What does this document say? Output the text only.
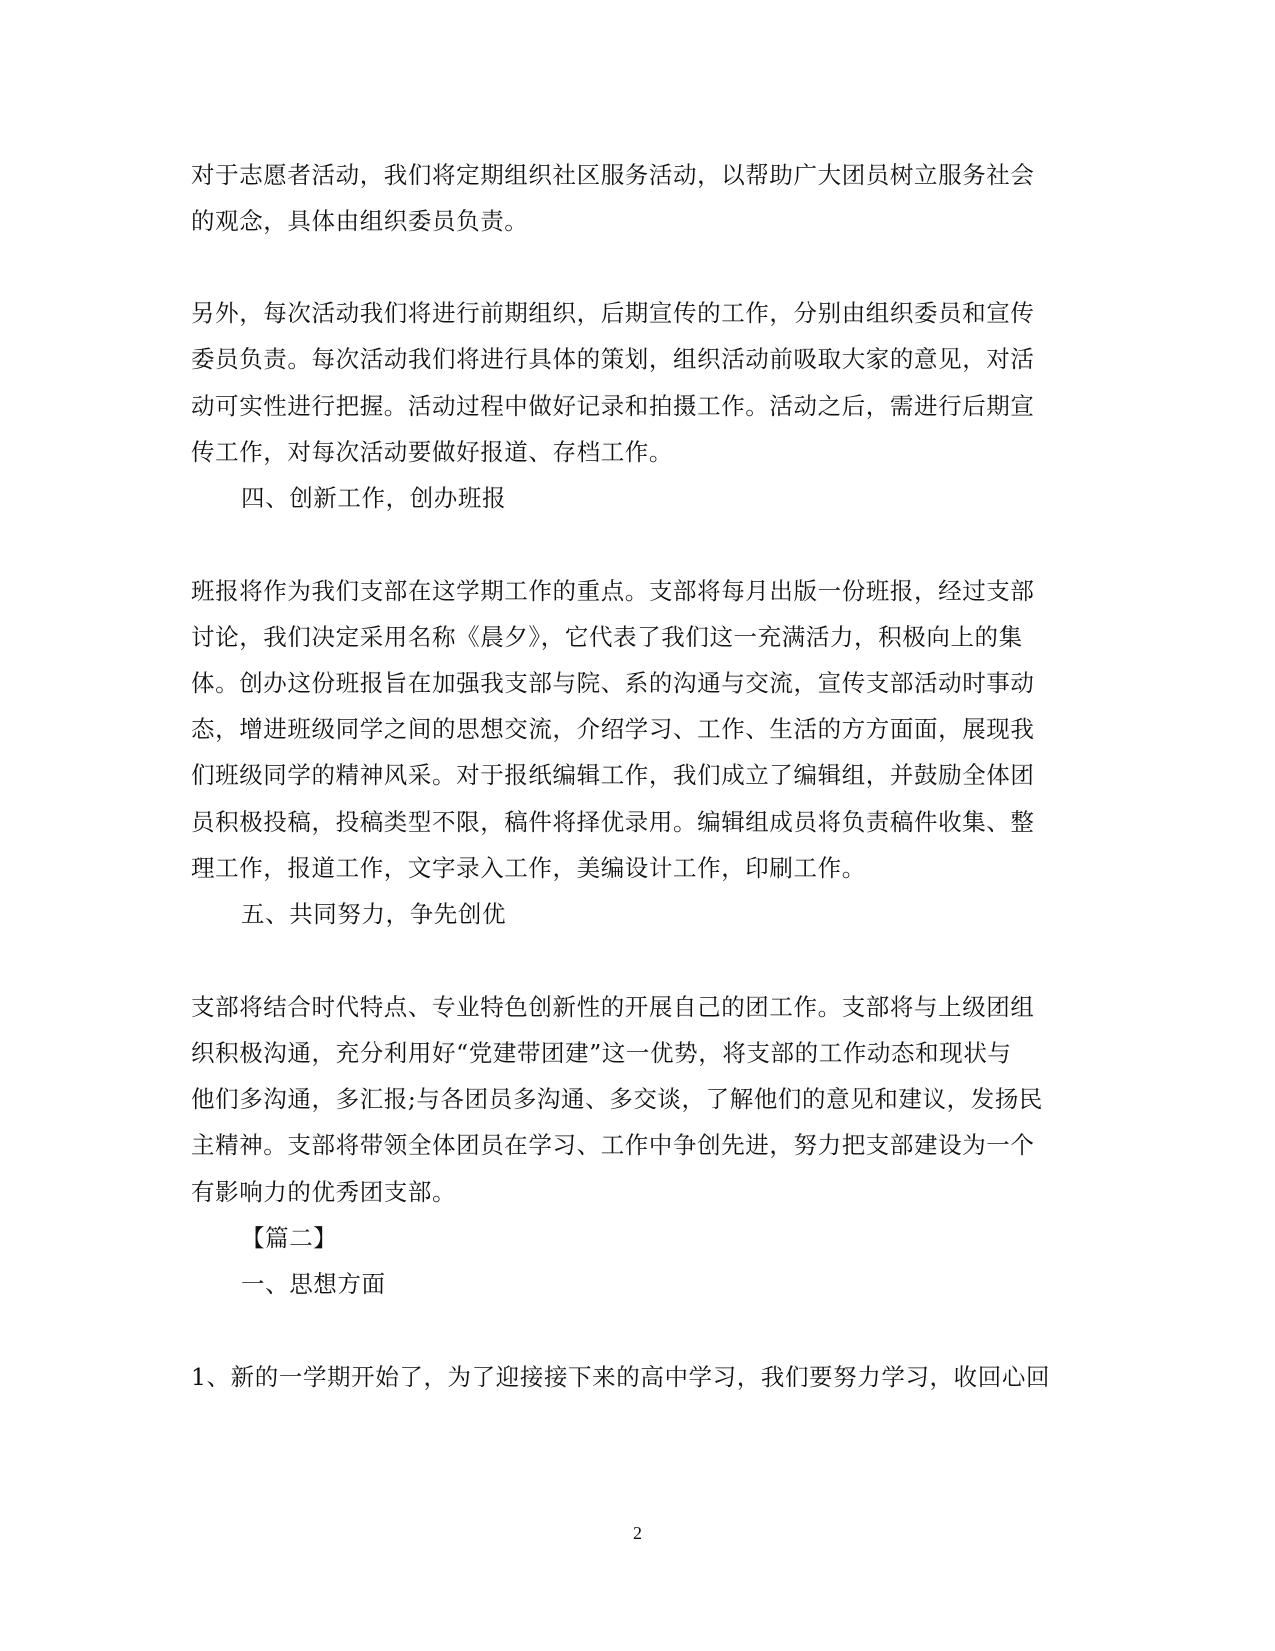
对于志愿者活动，我们将定期组织社区服务活动，以帮助广大团员树立服务社会
的观念，具体由组织委员负责。
另外，每次活动我们将进行前期组织，后期宣传的工作，分别由组织委员和宣传
委员负责。每次活动我们将进行具体的策划，组织活动前吸取大家的意见，对活
动可实性进行把握。活动过程中做好记录和拍摄工作。活动之后，需进行后期宣
传工作，对每次活动要做好报道、存档工作。
四、创新工作，创办班报
班报将作为我们支部在这学期工作的重点。支部将每月出版一份班报，经过支部
讨论，我们决定采用名称《晨夕》，它代表了我们这一充满活力，积极向上的集
体。创办这份班报旨在加强我支部与院、系的沟通与交流，宣传支部活动时事动
态，增进班级同学之间的思想交流，介绍学习、工作、生活的方方面面，展现我
们班级同学的精神风采。对于报纸编辑工作，我们成立了编辑组，并鼓励全体团
员积极投稿，投稿类型不限，稿件将择优录用。编辑组成员将负责稿件收集、整
理工作，报道工作，文字录入工作，美编设计工作，印刷工作。
五、共同努力，争先创优
支部将结合时代特点、专业特色创新性的开展自己的团工作。支部将与上级团组
织积极沟通，充分利用好“党建带团建”这一优势，将支部的工作动态和现状与
他们多沟通，多汇报;与各团员多沟通、多交谈，了解他们的意见和建议，发扬民
主精神。支部将带领全体团员在学习、工作中争创先进，努力把支部建设为一个
有影响力的优秀团支部。
【篇二】
一、思想方面
1、新的一学期开始了，为了迎接接下来的高中学习，我们要努力学习，收回心回
2
